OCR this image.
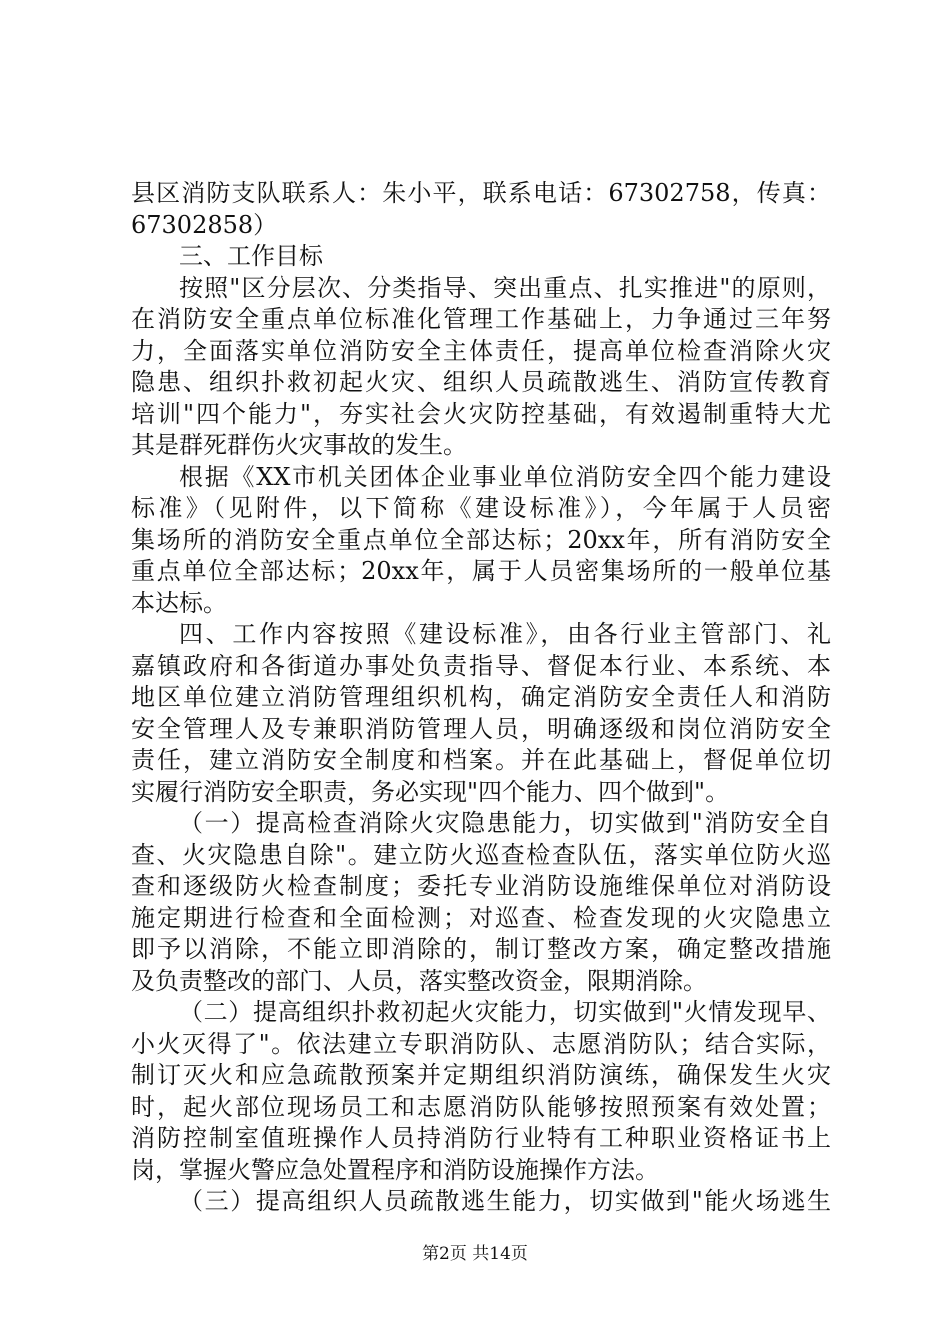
县区消防支队联系人：朱小平，联系电话：67302758，传真：
67302858）
三、工作目标
按照"区分层次、分类指导、突出重点、扎实推进"的原则，
在消防安全重点单位标准化管理工作基础上，力争通过三年努
力，全面落实单位消防安全主体责任，提高单位检查消除火灾
隐患、组织扑救初起火灾、组织人员疏散逃生、消防宣传教育
培训"四个能力"，夯实社会火灾防控基础，有效遏制重特大尤
其是群死群伤火灾事故的发生。
根据《XX市机关团体企业事业单位消防安全四个能力建设
标准》（见附件，以下简称《建设标准》），今年属于人员密
集场所的消防安全重点单位全部达标；20xx年，所有消防安全
重点单位全部达标；20xx年，属于人员密集场所的一般单位基
本达标。
四、工作内容按照《建设标准》，由各行业主管部门、礼
嘉镇政府和各街道办事处负责指导、督促本行业、本系统、本
地区单位建立消防管理组织机构，确定消防安全责任人和消防
安全管理人及专兼职消防管理人员，明确逐级和岗位消防安全
责任，建立消防安全制度和档案。并在此基础上，督促单位切
实履行消防安全职责，务必实现"四个能力、四个做到"。
（一）提高检查消除火灾隐患能力，切实做到"消防安全自
查、火灾隐患自除"。建立防火巡查检查队伍，落实单位防火巡
查和逐级防火检查制度；委托专业消防设施维保单位对消防设
施定期进行检查和全面检测；对巡查、检查发现的火灾隐患立
即予以消除，不能立即消除的，制订整改方案，确定整改措施
及负责整改的部门、人员，落实整改资金，限期消除。
（二）提高组织扑救初起火灾能力，切实做到"火情发现早、
小火灭得了"。依法建立专职消防队、志愿消防队；结合实际，
制订灭火和应急疏散预案并定期组织消防演练，确保发生火灾
时，起火部位现场员工和志愿消防队能够按照预案有效处置；
消防控制室值班操作人员持消防行业特有工种职业资格证书上
岗，掌握火警应急处置程序和消防设施操作方法。
（三）提高组织人员疏散逃生能力，切实做到"能火场逃生
第2页 共14页
